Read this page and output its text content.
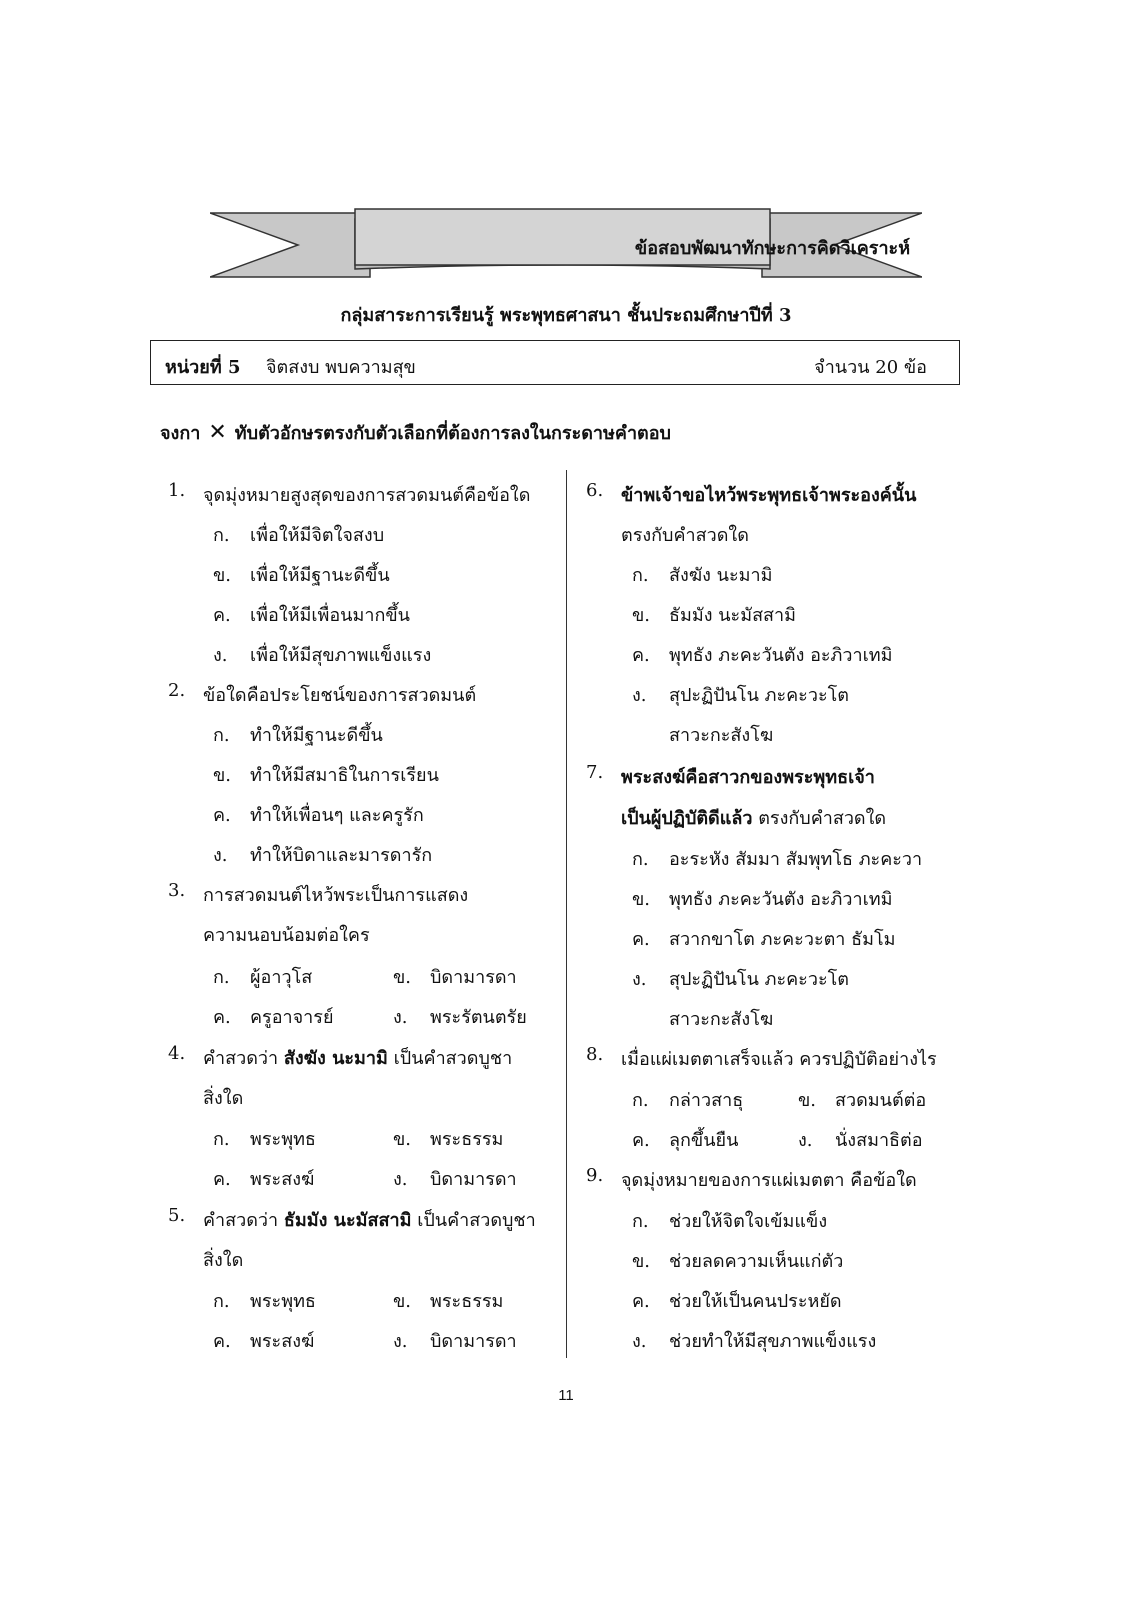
ข้อสอบพัฒนาทักษะการคิดวิเคราะห์
กลุ่มสาระการเรียนรู้ พระพุทธศาสนา ชั้นประถมศึกษาปีที่ 3
หน่วยที่ 5 จิตสงบ พบความสุข	จำนวน 20 ข้อ
จงกา ✕ ทับตัวอักษรตรงกับตัวเลือกที่ต้องการลงในกระดาษคำตอบ
1. จุดมุ่งหมายสูงสุดของการสวดมนต์คือข้อใด
ก. เพื่อให้มีจิตใจสงบ
ข. เพื่อให้มีฐานะดีขึ้น
ค. เพื่อให้มีเพื่อนมากขึ้น
ง. เพื่อให้มีสุขภาพแข็งแรง
2. ข้อใดคือประโยชน์ของการสวดมนต์
ก. ทำให้มีฐานะดีขึ้น
ข. ทำให้มีสมาธิในการเรียน
ค. ทำให้เพื่อนๆ และครูรัก
ง. ทำให้บิดาและมารดารัก
3. การสวดมนต์ไหว้พระเป็นการแสดง
ความนอบน้อมต่อใคร
ก. ผู้อาวุโส	ข. บิดามารดา
ค. ครูอาจารย์	ง. พระรัตนตรัย
4. คำสวดว่า สังฆัง นะมามิ เป็นคำสวดบูชา
สิ่งใด
ก. พระพุทธ	ข. พระธรรม
ค. พระสงฆ์	ง. บิดามารดา
5. คำสวดว่า ธัมมัง นะมัสสามิ เป็นคำสวดบูชา
สิ่งใด
ก. พระพุทธ	ข. พระธรรม
ค. พระสงฆ์	ง. บิดามารดา
6. ข้าพเจ้าขอไหว้พระพุทธเจ้าพระองค์นั้น
ตรงกับคำสวดใด
ก. สังฆัง นะมามิ
ข. ธัมมัง นะมัสสามิ
ค. พุทธัง ภะคะวันตัง อะภิวาเทมิ
ง. สุปะฏิปันโน ภะคะวะโต
สาวะกะสังโฆ
7. พระสงฆ์คือสาวกของพระพุทธเจ้า
เป็นผู้ปฏิบัติดีแล้ว ตรงกับคำสวดใด
ก. อะระหัง สัมมา สัมพุทโธ ภะคะวา
ข. พุทธัง ภะคะวันตัง อะภิวาเทมิ
ค. สวากขาโต ภะคะวะตา ธัมโม
ง. สุปะฏิปันโน ภะคะวะโต
สาวะกะสังโฆ
8. เมื่อแผ่เมตตาเสร็จแล้ว ควรปฏิบัติอย่างไร
ก. กล่าวสาธุ	ข. สวดมนต์ต่อ
ค. ลุกขึ้นยืน	ง. นั่งสมาธิต่อ
9. จุดมุ่งหมายของการแผ่เมตตา คือข้อใด
ก. ช่วยให้จิตใจเข้มแข็ง
ข. ช่วยลดความเห็นแก่ตัว
ค. ช่วยให้เป็นคนประหยัด
ง. ช่วยทำให้มีสุขภาพแข็งแรง
11
